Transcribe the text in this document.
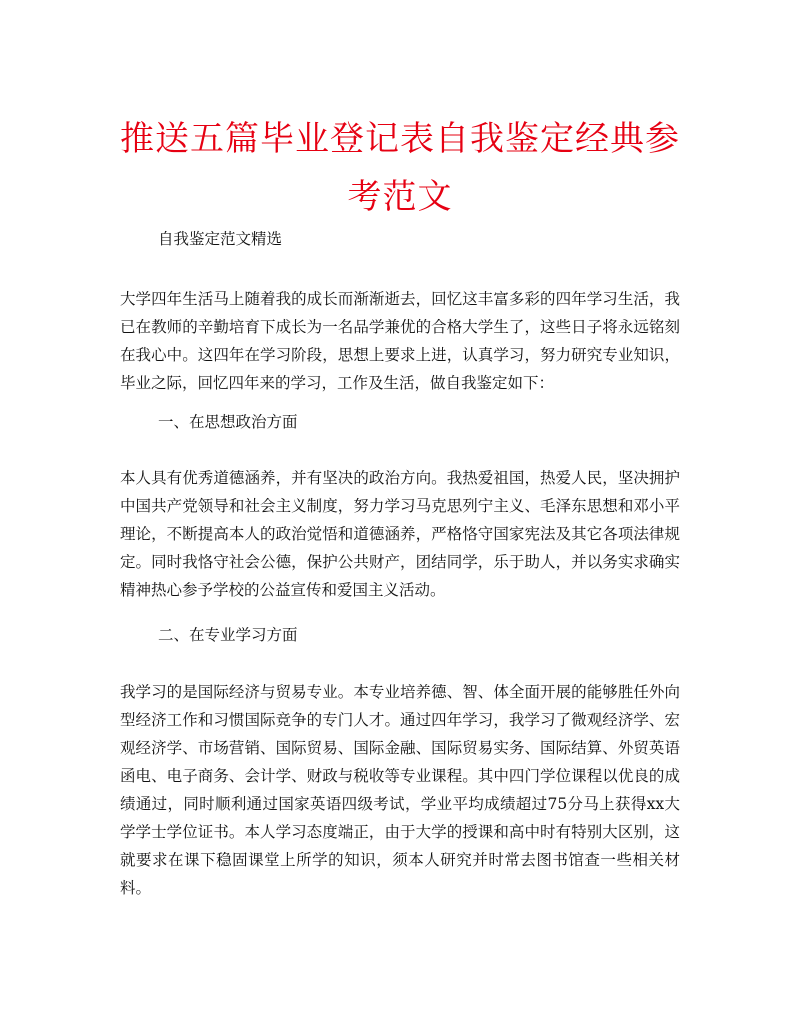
推送五篇毕业登记表自我鉴定经典参考范文

自我鉴定范文精选

大学四年生活马上随着我的成长而渐渐逝去，回忆这丰富多彩的四年学习生活，我已在教师的辛勤培育下成长为一名品学兼优的合格大学生了，这些日子将永远铭刻在我心中。这四年在学习阶段，思想上要求上进，认真学习，努力研究专业知识，毕业之际，回忆四年来的学习，工作及生活，做自我鉴定如下：

一、在思想政治方面

本人具有优秀道德涵养，并有坚决的政治方向。我热爱祖国，热爱人民，坚决拥护中国共产党领导和社会主义制度，努力学习马克思列宁主义、毛泽东思想和邓小平理论，不断提高本人的政治觉悟和道德涵养，严格恪守国家宪法及其它各项法律规定。同时我恪守社会公德，保护公共财产，团结同学，乐于助人，并以务实求确实精神热心参予学校的公益宣传和爱国主义活动。

二、在专业学习方面

我学习的是国际经济与贸易专业。本专业培养德、智、体全面开展的能够胜任外向型经济工作和习惯国际竞争的专门人才。通过四年学习，我学习了微观经济学、宏观经济学、市场营销、国际贸易、国际金融、国际贸易实务、国际结算、外贸英语函电、电子商务、会计学、财政与税收等专业课程。其中四门学位课程以优良的成绩通过，同时顺利通过国家英语四级考试，学业平均成绩超过75分马上获得xx大学学士学位证书。本人学习态度端正，由于大学的授课和高中时有特别大区别，这就要求在课下稳固课堂上所学的知识，须本人研究并时常去图书馆查一些相关材料。
